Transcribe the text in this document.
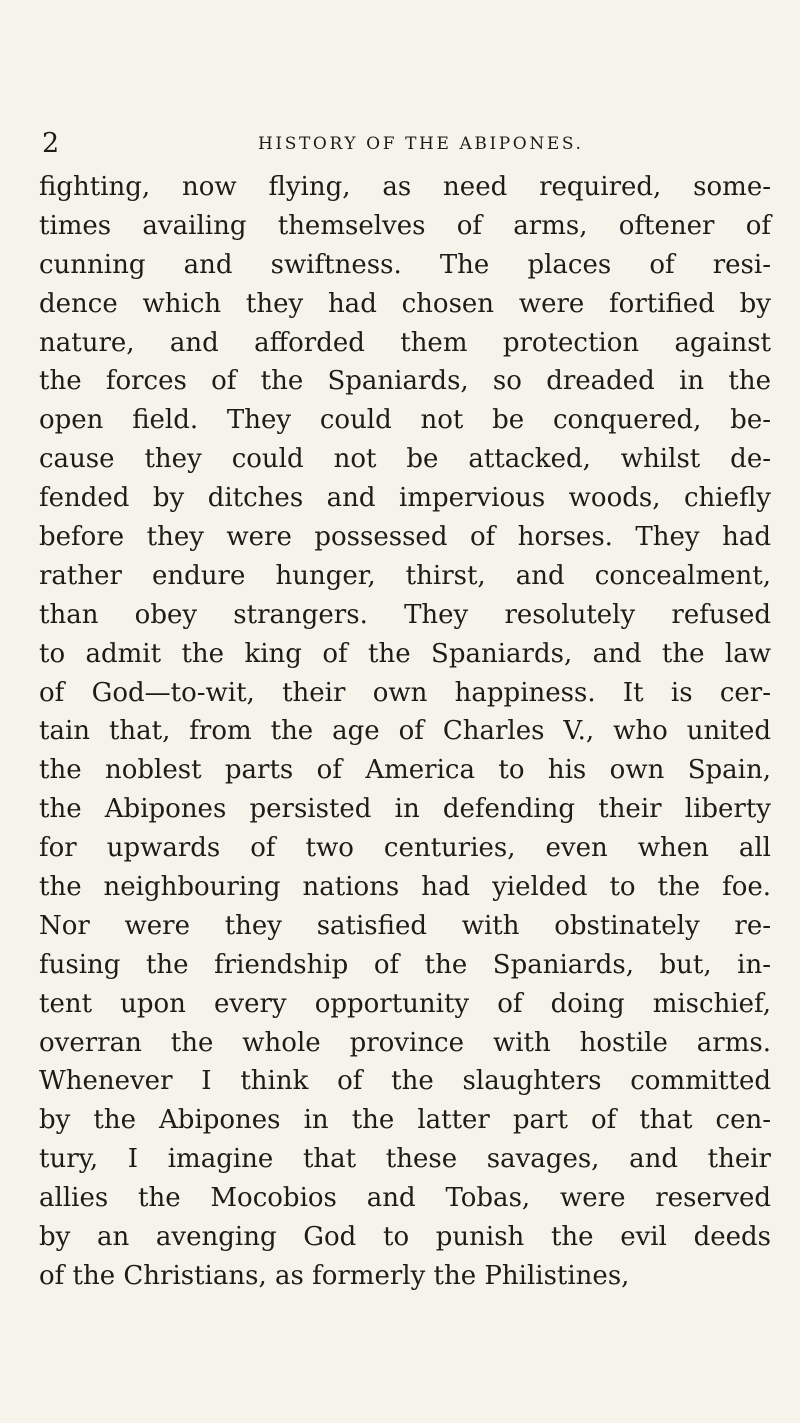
2	HISTORY OF THE ABIPONES.
fighting, now flying, as need required, some-
times availing themselves of arms, oftener of
cunning and swiftness. The places of resi-
dence which they had chosen were fortified by
nature, and afforded them protection against
the forces of the Spaniards, so dreaded in the
open field. They could not be conquered, be-
cause they could not be attacked, whilst de-
fended by ditches and impervious woods, chiefly
before they were possessed of horses. They had
rather endure hunger, thirst, and concealment,
than obey strangers. They resolutely refused
to admit the king of the Spaniards, and the law
of God—to-wit, their own happiness. It is cer-
tain that, from the age of Charles V., who united
the noblest parts of America to his own Spain,
the Abipones persisted in defending their liberty
for upwards of two centuries, even when all
the neighbouring nations had yielded to the foe.
Nor were they satisfied with obstinately re-
fusing the friendship of the Spaniards, but, in-
tent upon every opportunity of doing mischief,
overran the whole province with hostile arms.
Whenever I think of the slaughters committed
by the Abipones in the latter part of that cen-
tury, I imagine that these savages, and their
allies the Mocobios and Tobas, were reserved
by an avenging God to punish the evil deeds
of the Christians, as formerly the Philistines,
